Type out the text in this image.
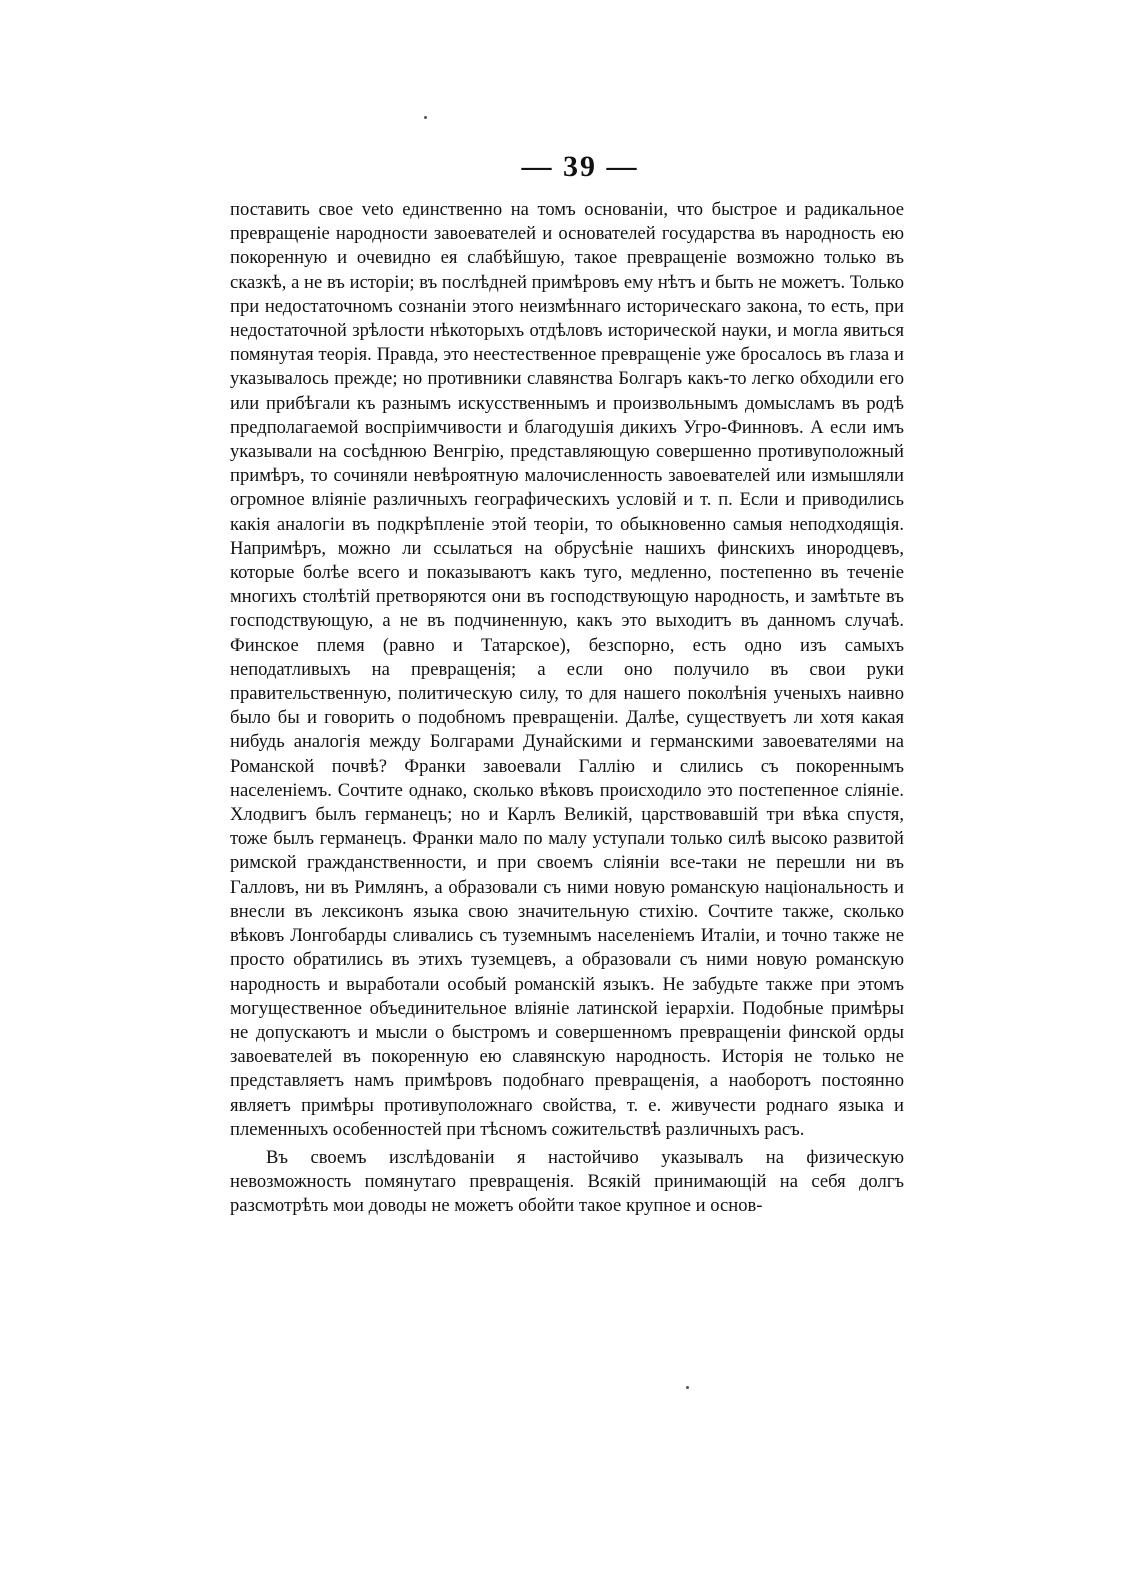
— 39 —

поставить свое veto единственно на томъ основаніи, что быстрое и радикальное превращеніе народности завоевателей и основателей государства въ народность ею покоренную и очевидно ея слабѣйшую, такое превращеніе возможно только въ сказкѣ, а не въ исторіи; въ послѣдней примѣровъ ему нѣтъ и быть не можетъ. Только при недостаточномъ сознаніи этого неизмѣннаго историческаго закона, то есть, при недостаточной зрѣлости нѣкоторыхъ отдѣловъ исторической науки, и могла явиться помянутая теорія. Правда, это неестественное превращеніе уже бросалось въ глаза и указывалось прежде; но противники славянства Болгаръ какъ-то легко обходили его или прибѣгали къ разнымъ искусственнымъ и произвольнымъ домысламъ въ родѣ предполагаемой воспріимчивости и благодушія дикихъ Угро-Финновъ. А если имъ указывали на сосѣднюю Венгрію, представляющую совершенно противуположный примѣръ, то сочиняли невѣроятную малочисленность завоевателей или измышляли огромное вліяніе различныхъ географическихъ условій и т. п. Если и приводились какія аналогіи въ подкрѣпленіе этой теоріи, то обыкновенно самыя неподходящія. Напримѣръ, можно ли ссылаться на обрусѣніе нашихъ финскихъ инородцевъ, которые болѣе всего и показываютъ какъ туго, медленно, постепенно въ теченіе многихъ столѣтій претворяются они въ господствующую народность, и замѣтьте въ господствующую, а не въ подчиненную, какъ это выходитъ въ данномъ случаѣ. Финское племя (равно и Татарское), безспорно, есть одно изъ самыхъ неподатливыхъ на превращенія; а если оно получило въ свои руки правительственную, политическую силу, то для нашего поколѣнія ученыхъ наивно было бы и говорить о подобномъ превращеніи. Далѣе, существуетъ ли хотя какая нибудь аналогія между Болгарами Дунайскими и германскими завоевателями на Романской почвѣ? Франки завоевали Галлію и слились съ покореннымъ населеніемъ. Сочтите однако, сколько вѣковъ происходило это постепенное сліяніе. Хлодвигъ былъ германецъ; но и Карлъ Великій, царствовавшій три вѣка спустя, тоже былъ германецъ. Франки мало по малу уступали только силѣ высоко развитой римской гражданственности, и при своемъ сліяніи все-таки не перешли ни въ Галловъ, ни въ Римлянъ, а образовали съ ними новую романскую національность и внесли въ лексиконъ языка свою значительную стихію. Сочтите также, сколько вѣковъ Лонгобарды сливались съ туземнымъ населеніемъ Италіи, и точно также не просто обратились въ этихъ туземцевъ, а образовали съ ними новую романскую народность и выработали особый романскій языкъ. Не забудьте также при этомъ могущественное объединительное вліяніе латинской іерархіи. Подобные примѣры не допускаютъ и мысли о быстромъ и совершенномъ превращеніи финской орды завоевателей въ покоренную ею славянскую народность. Исторія не только не представляетъ намъ примѣровъ подобнаго превращенія, а наоборотъ постоянно являетъ примѣры противуположнаго свойства, т. е. живучести роднаго языка и племенныхъ особенностей при тѣсномъ сожительствѣ различныхъ расъ.

Въ своемъ изслѣдованіи я настойчиво указывалъ на физическую невозможность помянутаго превращенія. Всякій принимающій на себя долгъ разсмотрѣть мои доводы не можетъ обойти такое крупное и основ-
